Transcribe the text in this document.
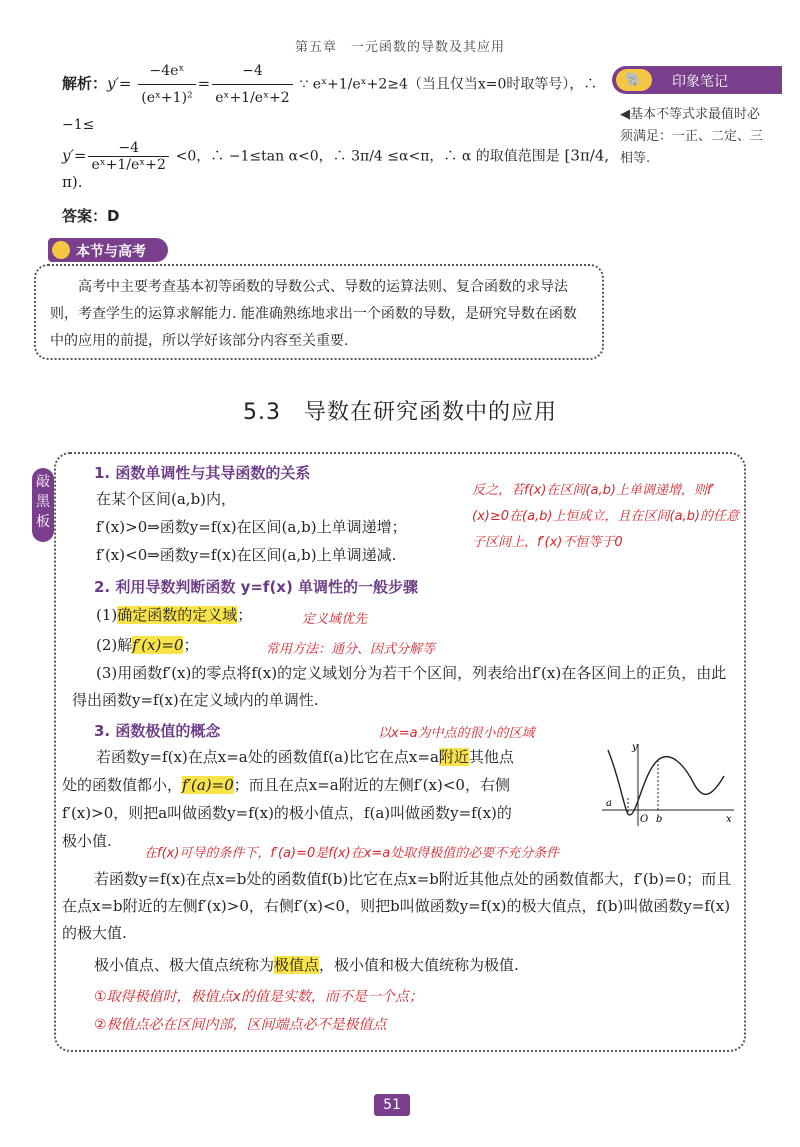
第五章　一元函数的导数及其应用
解析：$y'= \frac{\text{−4eˣ}}{\text{(eˣ+1)²}} = \frac{-4}{\text{eˣ+1/eˣ+2}}$ ∵ eˣ+1/eˣ+2≥4（当且仅当x=0时取等号），∴ −1≤
🐘	印象笔记
◀基本不等式求最值时必须满足：一正、二定、三相等.
$y'= \frac{-4}{\text{eˣ+1/eˣ+2}} <0$，∴ −1≤tan α<0，∴ 3π/4 ≤α<π，∴ α 的取值范围是 [3π/4, π).
答案：D
本节与高考
高考中主要考查基本初等函数的导数公式、导数的运算法则、复合函数的求导法则，考查学生的运算求解能力. 能准确熟练地求出一个函数的导数，是研究导数在函数中的应用的前提，所以学好该部分内容至关重要.
5.3　导数在研究函数中的应用
敲黑板
1. 函数单调性与其导函数的关系
在某个区间(a,b)内，
f′(x)>0⇒函数y=f(x)在区间(a,b)上单调递增；
f′(x)<0⇒函数y=f(x)在区间(a,b)上单调递减.
反之，若f(x)在区间(a,b)上单调递增，则f′(x)≥0在(a,b)上恒成立，且在区间(a,b)的任意子区间上，f′(x)不恒等于0
2. 利用导数判断函数 y=f(x) 单调性的一般步骤
(1)确定函数的定义域；	定义域优先
(2)解f′(x)=0；	常用方法：通分、因式分解等
(3)用函数f′(x)的零点将f(x)的定义域划分为若干个区间，列表给出f′(x)在各区间上的正负，由此得出函数y=f(x)在定义域内的单调性.
3. 函数极值的概念	以x=a为中点的很小的区域
若函数y=f(x)在点x=a处的函数值f(a)比它在点x=a附近其他点
处的函数值都小，f′(a)=0；而且在点x=a附近的左侧f′(x)<0，右侧
f′(x)>0，则把a叫做函数y=f(x)的极小值点，f(a)叫做函数y=f(x)的
极小值.
在f(x)可导的条件下，f′(a)=0是f(x)在x=a处取得极值的必要不充分条件
y
x
O
a
b
若函数y=f(x)在点x=b处的函数值f(b)比它在点x=b附近其他点处的函数值都大，f′(b)=0；而且在点x=b附近的左侧f′(x)>0，右侧f′(x)<0，则把b叫做函数y=f(x)的极大值点，f(b)叫做函数y=f(x)的极大值.
极小值点、极大值点统称为极值点，极小值和极大值统称为极值.
①取得极值时，极值点x的值是实数，而不是一个点；
②极值点必在区间内部，区间端点必不是极值点
51
